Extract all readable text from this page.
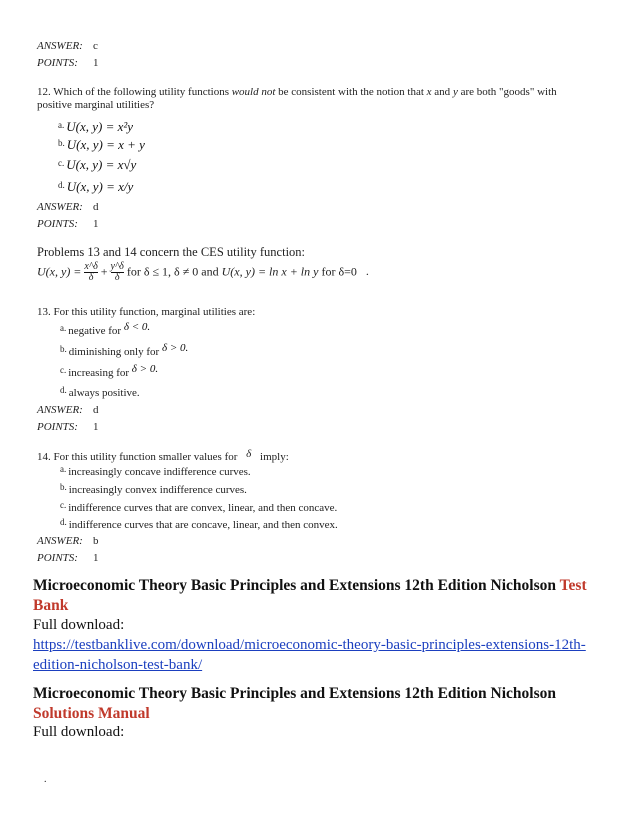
ANSWER: c
POINTS: 1
12. Which of the following utility functions would not be consistent with the notion that x and y are both "goods" with
positive marginal utilities?
a. U(x, y) = x²y
b. U(x, y) = x + y
c. U(x, y) = x√y
d. U(x, y) = x/y
ANSWER: d
POINTS: 1
Problems 13 and 14 concern the CES utility function:
U(x, $y) = \frac{x\^{}\delta}{\delta} + \frac{y\^{}\delta}{\delta}$ for δ ≤ 1, δ ≠ 0 and U(x, y) = ln x + ln y for δ=0 .
13. For this utility function, marginal utilities are:
$^{a.}$ negative for δ < 0.
$^{b.}$ diminishing only for δ > 0.
$^{c.}$ increasing for δ > 0.
$^{d.}$ always positive.
ANSWER: d
POINTS: 1
14. For this utility function smaller values for δ imply:
$^{a.}$ increasingly concave indifference curves.
$^{b.}$ increasingly convex indifference curves.
$^{c.}$ indifference curves that are convex, linear, and then concave.
$^{d.}$ indifference curves that are concave, linear, and then convex.
ANSWER: b
POINTS: 1
Microeconomic Theory Basic Principles and Extensions 12th Edition Nicholson Test
Bank
Full download:
https://testbanklive.com/download/microeconomic-theory-basic-principles-extensions-12th-
edition-nicholson-test-bank/
Microeconomic Theory Basic Principles and Extensions 12th Edition Nicholson
Solutions Manual
Full download:
.
